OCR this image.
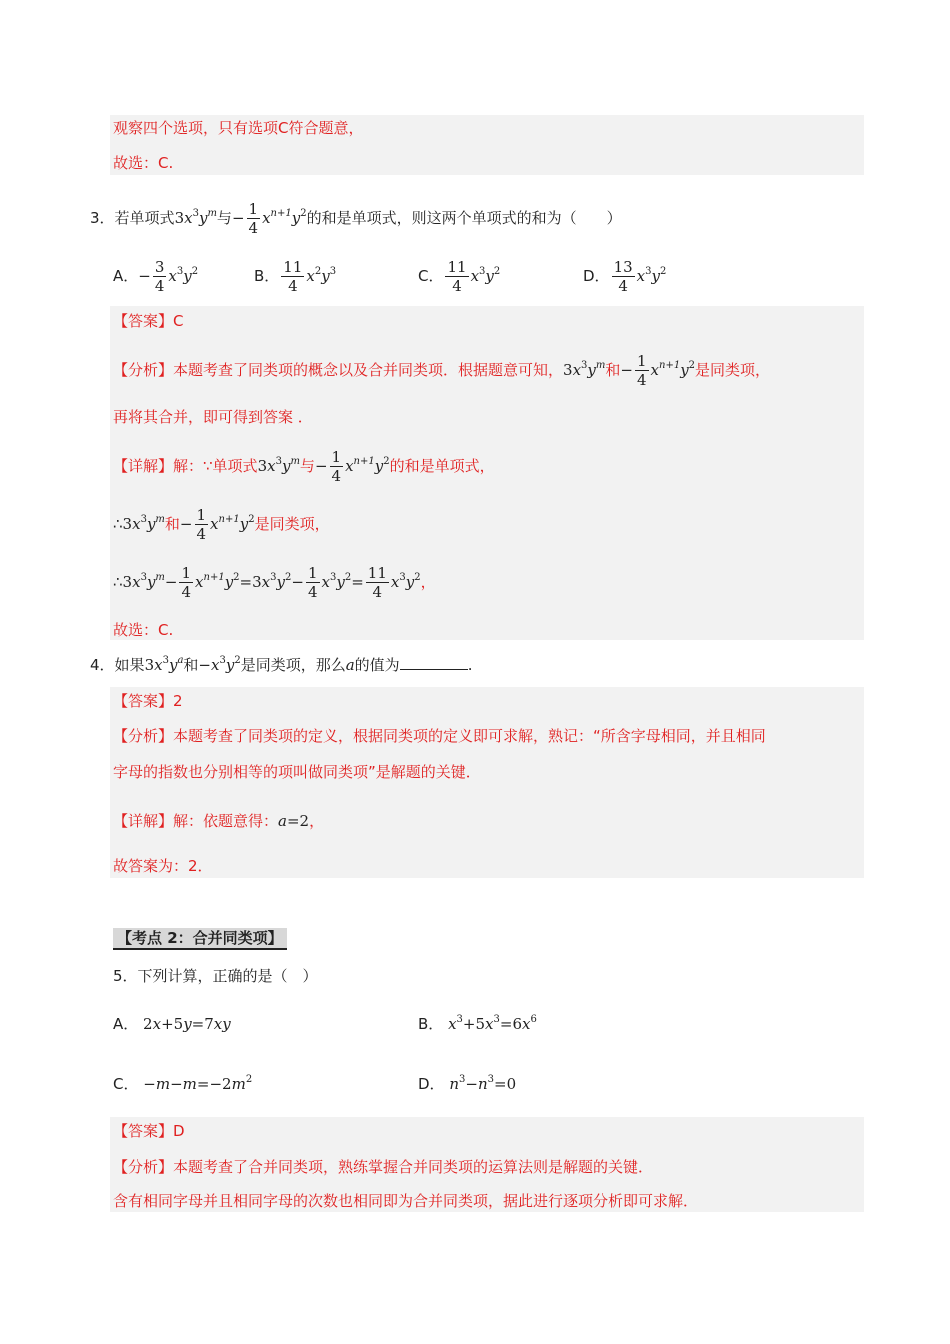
观察四个选项，只有选项C符合题意，
故选：C.
3．若单项式$3x^3y^m$与− $\frac{1}{4} x^{n+1}y^2$的和是单项式，则这两个单项式的和为（　　）
A．− $\frac{3}{4} x^3y^2$	B． $\frac{11}{4} x^2y^3$	C． $\frac{11}{4} x^3y^2$	D． $\frac{13}{4} x^3y^2$
【答案】C
【分析】本题考查了同类项的概念以及合并同类项．根据题意可知，$3x^3y^m$和− $\frac{1}{4} x^{n+1}y^2$是同类项，
再将其合并，即可得到答案 ．
【详解】解：∵单项式$3x^3y^m$与− $\frac{1}{4} x^{n+1}y^2$的和是单项式，
$\therefore 3x^3y^m$和− $\frac{1}{4} x^{n+1}y^2$是同类项，
$\therefore 3x^3y^m- \frac{1}{4} x^{n+1}y^2=3x^3y^2- \frac{1}{4} x^3y^2= \frac{11}{4} x^3y^2$，
故选：C.
4．如果$3x^3y^a$和$-x^3y^2$是同类项，那么a的值为	.
【答案】2
【分析】本题考查了同类项的定义，根据同类项的定义即可求解，熟记：“所含字母相同，并且相同
字母的指数也分别相等的项叫做同类项”是解题的关键．
【详解】解：依题意得：a=2，
故答案为：2．
【考点 2：合并同类项】
5．下列计算，正确的是（　）
A． 2x+5y=7xy	B． $x^3+5x^3=6x^6$
C． $-m-m=-2m^2$	D． $n^3-n^3=0$
【答案】D
【分析】本题考查了合并同类项，熟练掌握合并同类项的运算法则是解题的关键．
含有相同字母并且相同字母的次数也相同即为合并同类项，据此进行逐项分析即可求解．
